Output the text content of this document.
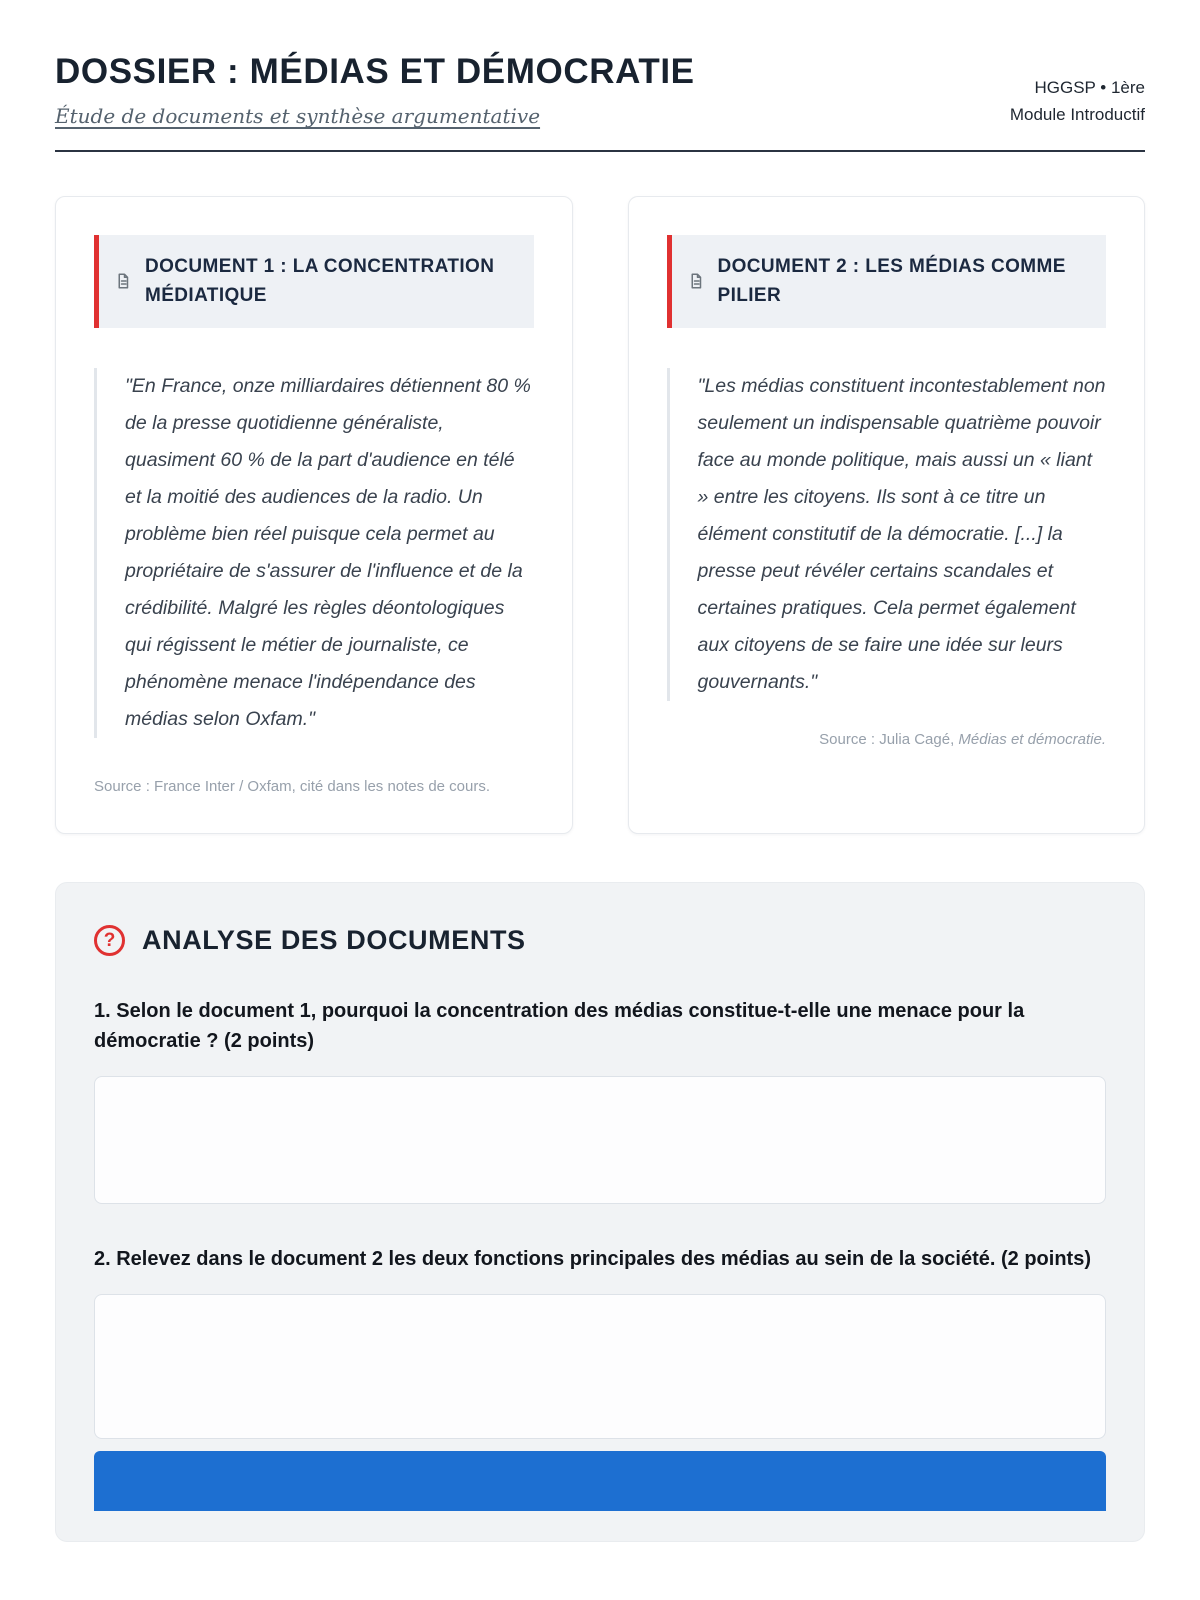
DOSSIER : MÉDIAS ET DÉMOCRATIE
Étude de documents et synthèse argumentative
HGGSP • 1ère
Module Introductif
DOCUMENT 1 : LA CONCENTRATION MÉDIATIQUE
"En France, onze milliardaires détiennent 80 % de la presse quotidienne généraliste, quasiment 60 % de la part d'audience en télé et la moitié des audiences de la radio. Un problème bien réel puisque cela permet au propriétaire de s'assurer de l'influence et de la crédibilité. Malgré les règles déontologiques qui régissent le métier de journaliste, ce phénomène menace l'indépendance des médias selon Oxfam."
Source : France Inter / Oxfam, cité dans les notes de cours.
DOCUMENT 2 : LES MÉDIAS COMME PILIER
"Les médias constituent incontestablement non seulement un indispensable quatrième pouvoir face au monde politique, mais aussi un « liant » entre les citoyens. Ils sont à ce titre un élément constitutif de la démocratie. [...] la presse peut révéler certains scandales et certaines pratiques. Cela permet également aux citoyens de se faire une idée sur leurs gouvernants."
Source : Julia Cagé, Médias et démocratie.
? ANALYSE DES DOCUMENTS
1. Selon le document 1, pourquoi la concentration des médias constitue-t-elle une menace pour la démocratie ? (2 points)
2. Relevez dans le document 2 les deux fonctions principales des médias au sein de la société. (2 points)
